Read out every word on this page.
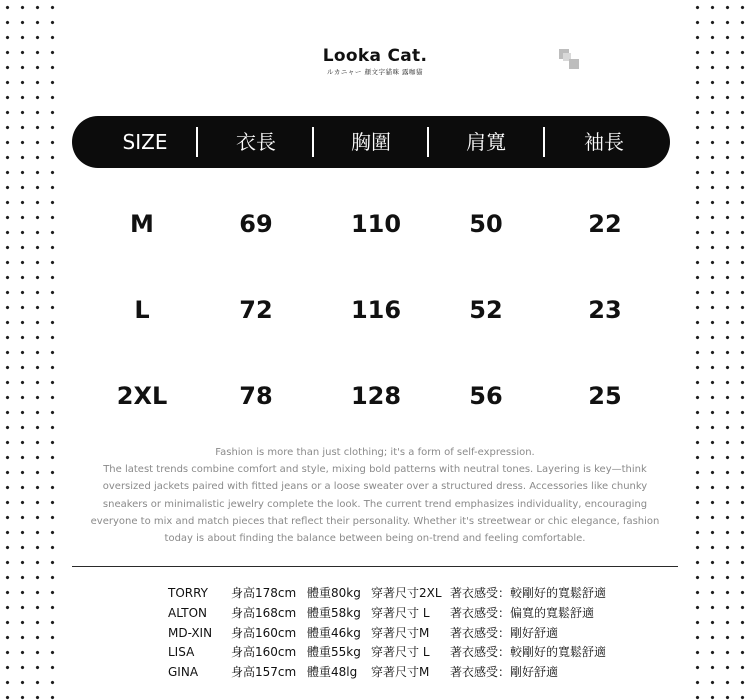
Looka Cat.
ルカニャー 顏文字貓咪 露咖貓
SIZE	衣長	胸圍	肩寬	袖長
M	69	110	50	22
L	72	116	52	23
2XL	78	128	56	25
Fashion is more than just clothing; it's a form of self-expression.
The latest trends combine comfort and style, mixing bold patterns with neutral tones. Layering is key—think
oversized jackets paired with fitted jeans or a loose sweater over a structured dress. Accessories like chunky
sneakers or minimalistic jewelry complete the look. The current trend emphasizes individuality, encouraging
everyone to mix and match pieces that reflect their personality. Whether it's streetwear or chic elegance, fashion
today is about finding the balance between being on-trend and feeling comfortable.
TORRY 身高178cm 體重80kg 穿著尺寸2XL 著衣感受：較剛好的寬鬆舒適
ALTON 身高168cm 體重58kg 穿著尺寸 L 著衣感受：偏寬的寬鬆舒適
MD-XIN 身高160cm 體重46kg 穿著尺寸M 著衣感受：剛好舒適
LISA	身高160cm 體重55kg 穿著尺寸 L 著衣感受：較剛好的寬鬆舒適
GINA	身高157cm 體重48lg 穿著尺寸M 著衣感受：剛好舒適
